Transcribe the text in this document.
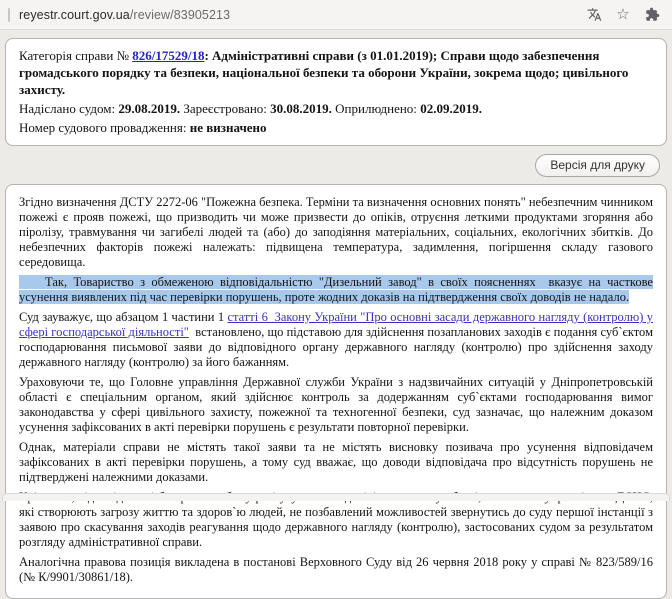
reyestr.court.gov.ua/review/83905213	☆

Категорія справи № 826/17529/18: Адміністративні справи (з 01.01.2019); Справи щодо забезпечення громадського порядку та безпеки, національної безпеки та оборони України, зокрема щодо; цивільного захисту.

Надіслано судом: 29.08.2019. Зареєстровано: 30.08.2019. Оприлюднено: 02.09.2019.

Номер судового провадження: не визначено

Версія для друку

Згідно визначення ДСТУ 2272-06 "Пожежна безпека. Терміни та визначення основних понять" небезпечним чинником пожежі є прояв пожежі, що призводить чи може призвести до опіків, отруєння леткими продуктами згоряння або піролізу, травмування чи загибелі людей та (або) до заподіяння матеріальних, соціальних, екологічних збитків. До небезпечних факторів пожежі належать: підвищена температура, задимлення, погіршення складу газового середовища.

Так, Товариство з обмеженою відповідальністю "Дизельний завод" в своїх поясненнях  вказує на часткове усунення виявлених під час перевірки порушень, проте жодних доказів на підтвердження своїх доводів не надало.

Суд зауважує, що абзацом 1 частини 1 статті 6  Закону України "Про основні засади державного нагляду (контролю) у сфері господарської діяльності"  встановлено, що підставою для здійснення позапланових заходів є подання суб`єктом господарювання письмової заяви до відповідного органу державного нагляду (контролю) про здійснення заходу державного нагляду (контролю) за його бажанням.

Ураховуючи те, що Головне управління Державної служби України з надзвичайних ситуацій у Дніпропетровській області є спеціальним органом, який здійснює контроль за додержанням суб`єктами господарювання вимог законодавства у сфері цивільного захисту, пожежної та техногенної безпеки, суд зазначає, що належним доказом усунення зафіксованих в акті перевірки порушень є результати повторної перевірки.

Однак, матеріали справи не містять такої заяви та не містять висновку позивача про усунення відповідачем зафіксованих в акті перевірки порушень, а тому суд вважає, що доводи відповідача про відсутність порушень не підтверджені належними доказами.

які створюють загрозу життю та здоров`ю людей, не позбавлений можливостей звернутись до суду першої інстанції з заявою про скасування заходів реагування щодо державного нагляду (контролю), застосованих судом за результатом розгляду адміністративної справи.

Аналогічна правова позиція викладена в постанові Верховного Суду від 26 червня 2018 року у справі № 823/589/16 (№ К/9901/30861/18).
